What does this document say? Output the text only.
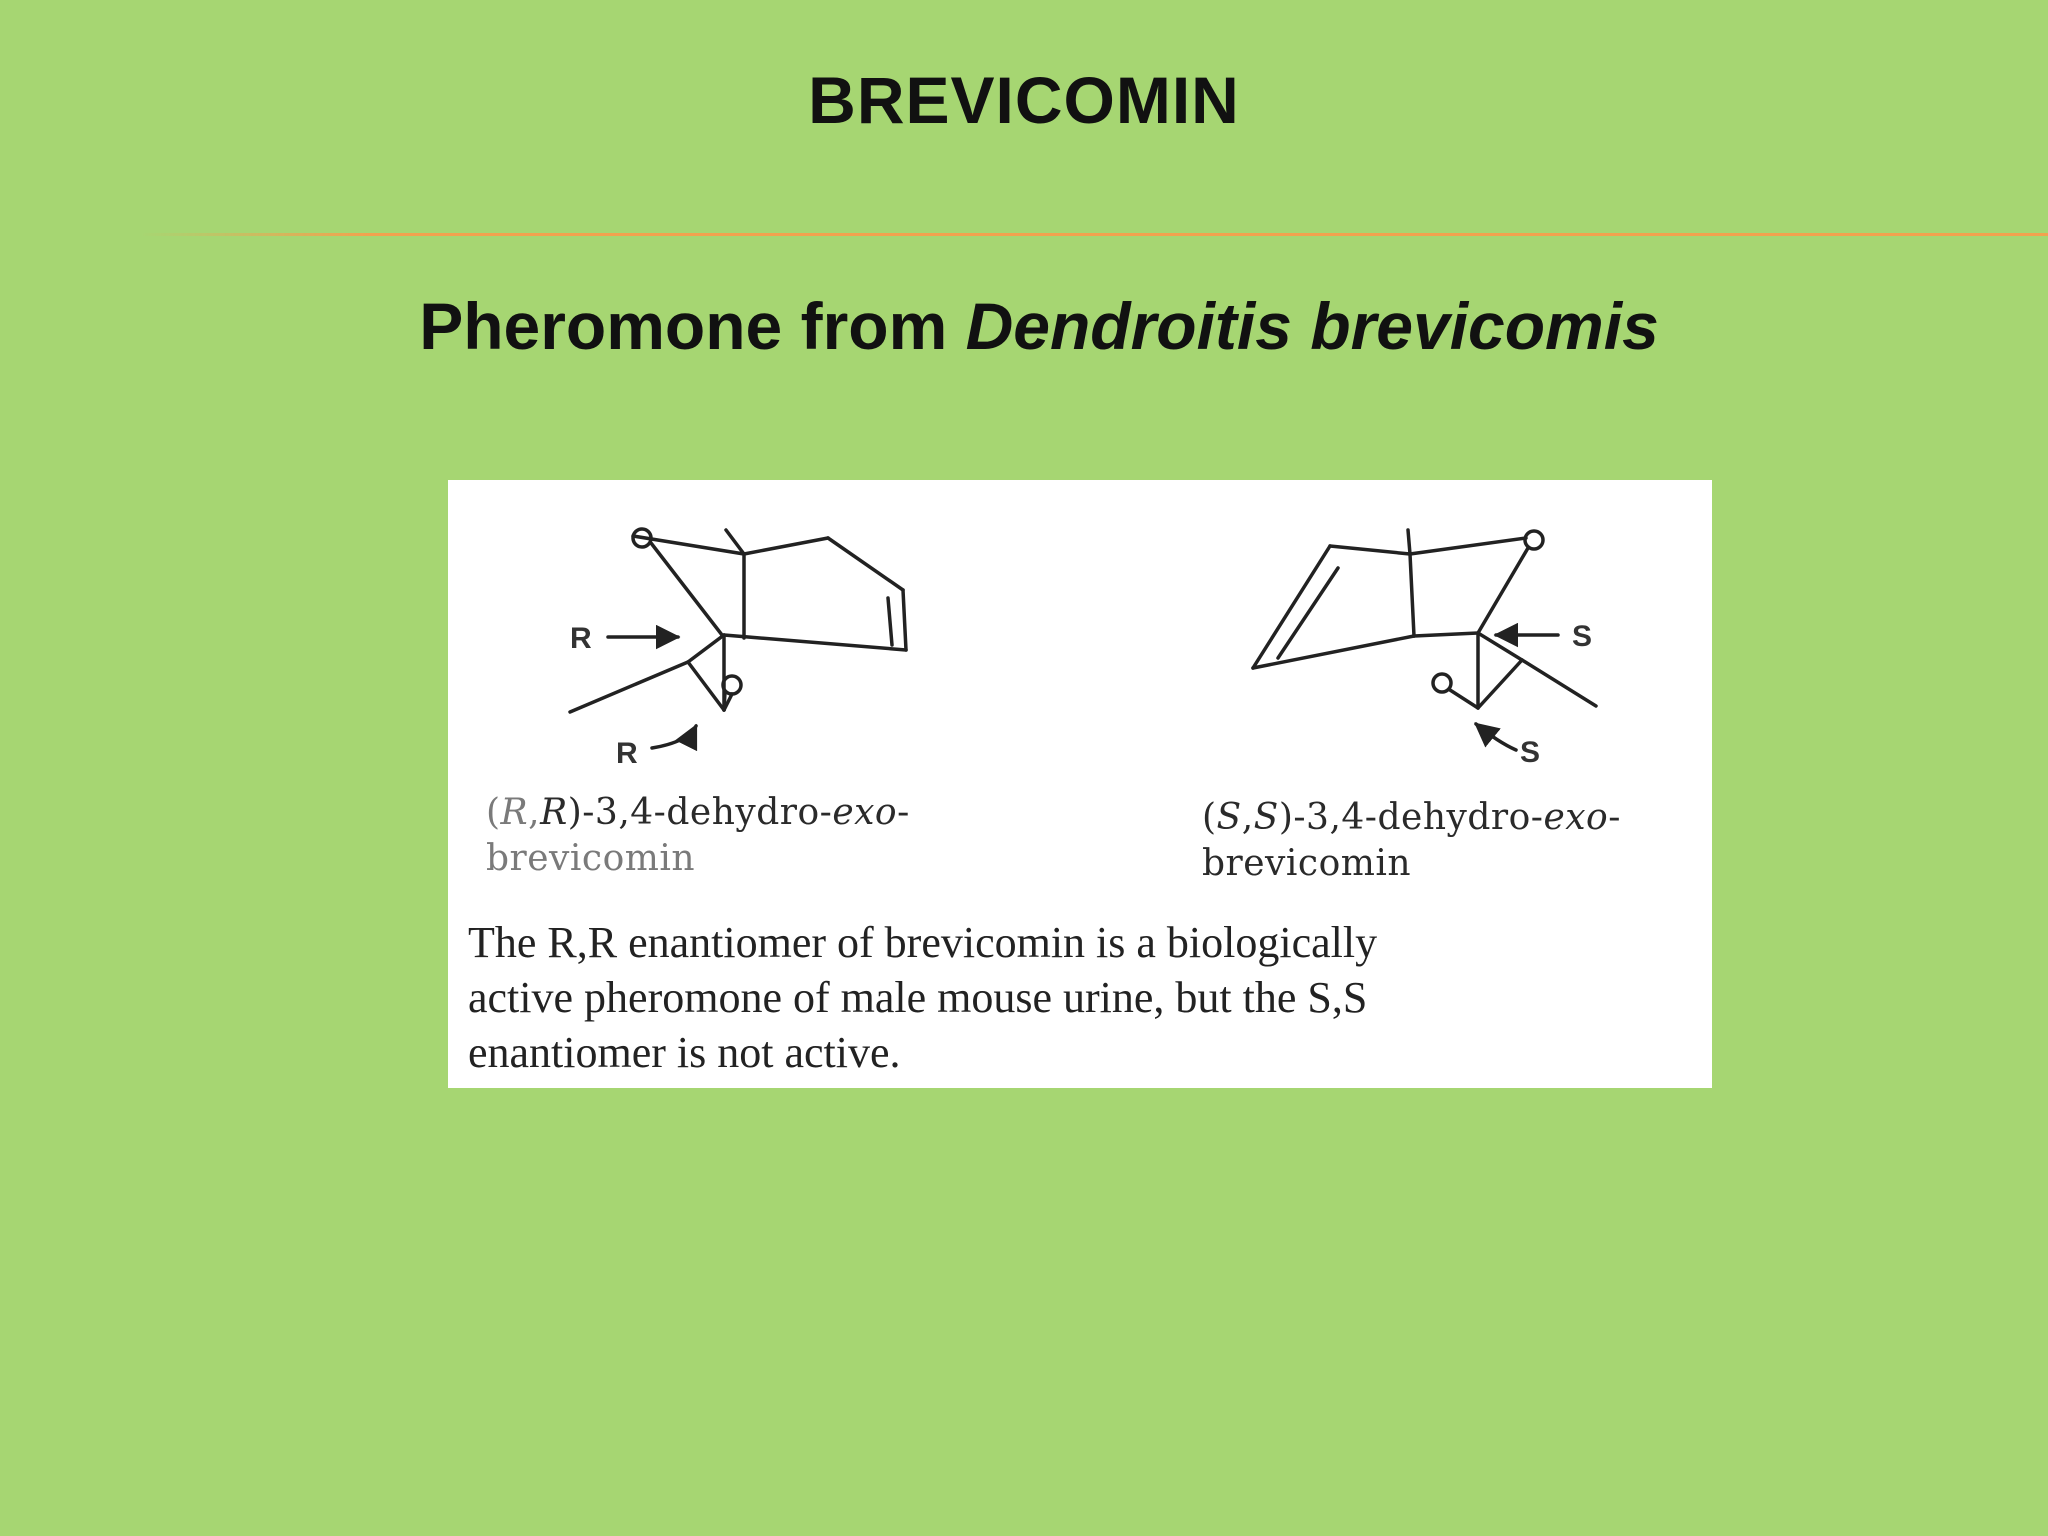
BREVICOMIN
Pheromone from Dendroitis brevicomis
R
R
S
S
(R,R)-3,4-dehydro-exo-
brevicomin
(S,S)-3,4-dehydro-exo-
brevicomin
The R,R enantiomer of brevicomin is a biologically
active pheromone of male mouse urine, but the S,S
enantiomer is not active.
